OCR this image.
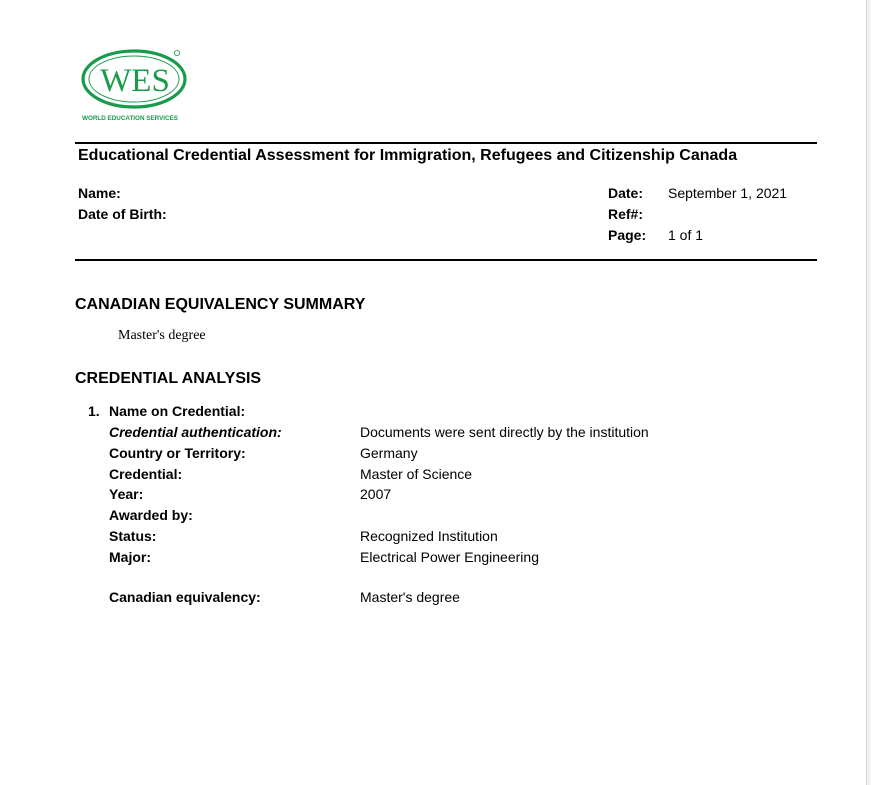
WES
WORLD EDUCATION SERVICES
Educational Credential Assessment for Immigration, Refugees and Citizenship Canada
Name:
Date of Birth:
Date: September 1, 2021
Ref#:
Page: 1 of 1
CANADIAN EQUIVALENCY SUMMARY
Master's degree
CREDENTIAL ANALYSIS
1. Name on Credential:
Credential authentication:	Documents were sent directly by the institution
Country or Territory:	Germany
Credential:	Master of Science
Year:	2007
Awarded by:
Status:	Recognized Institution
Major:	Electrical Power Engineering
Canadian equivalency:	Master's degree
